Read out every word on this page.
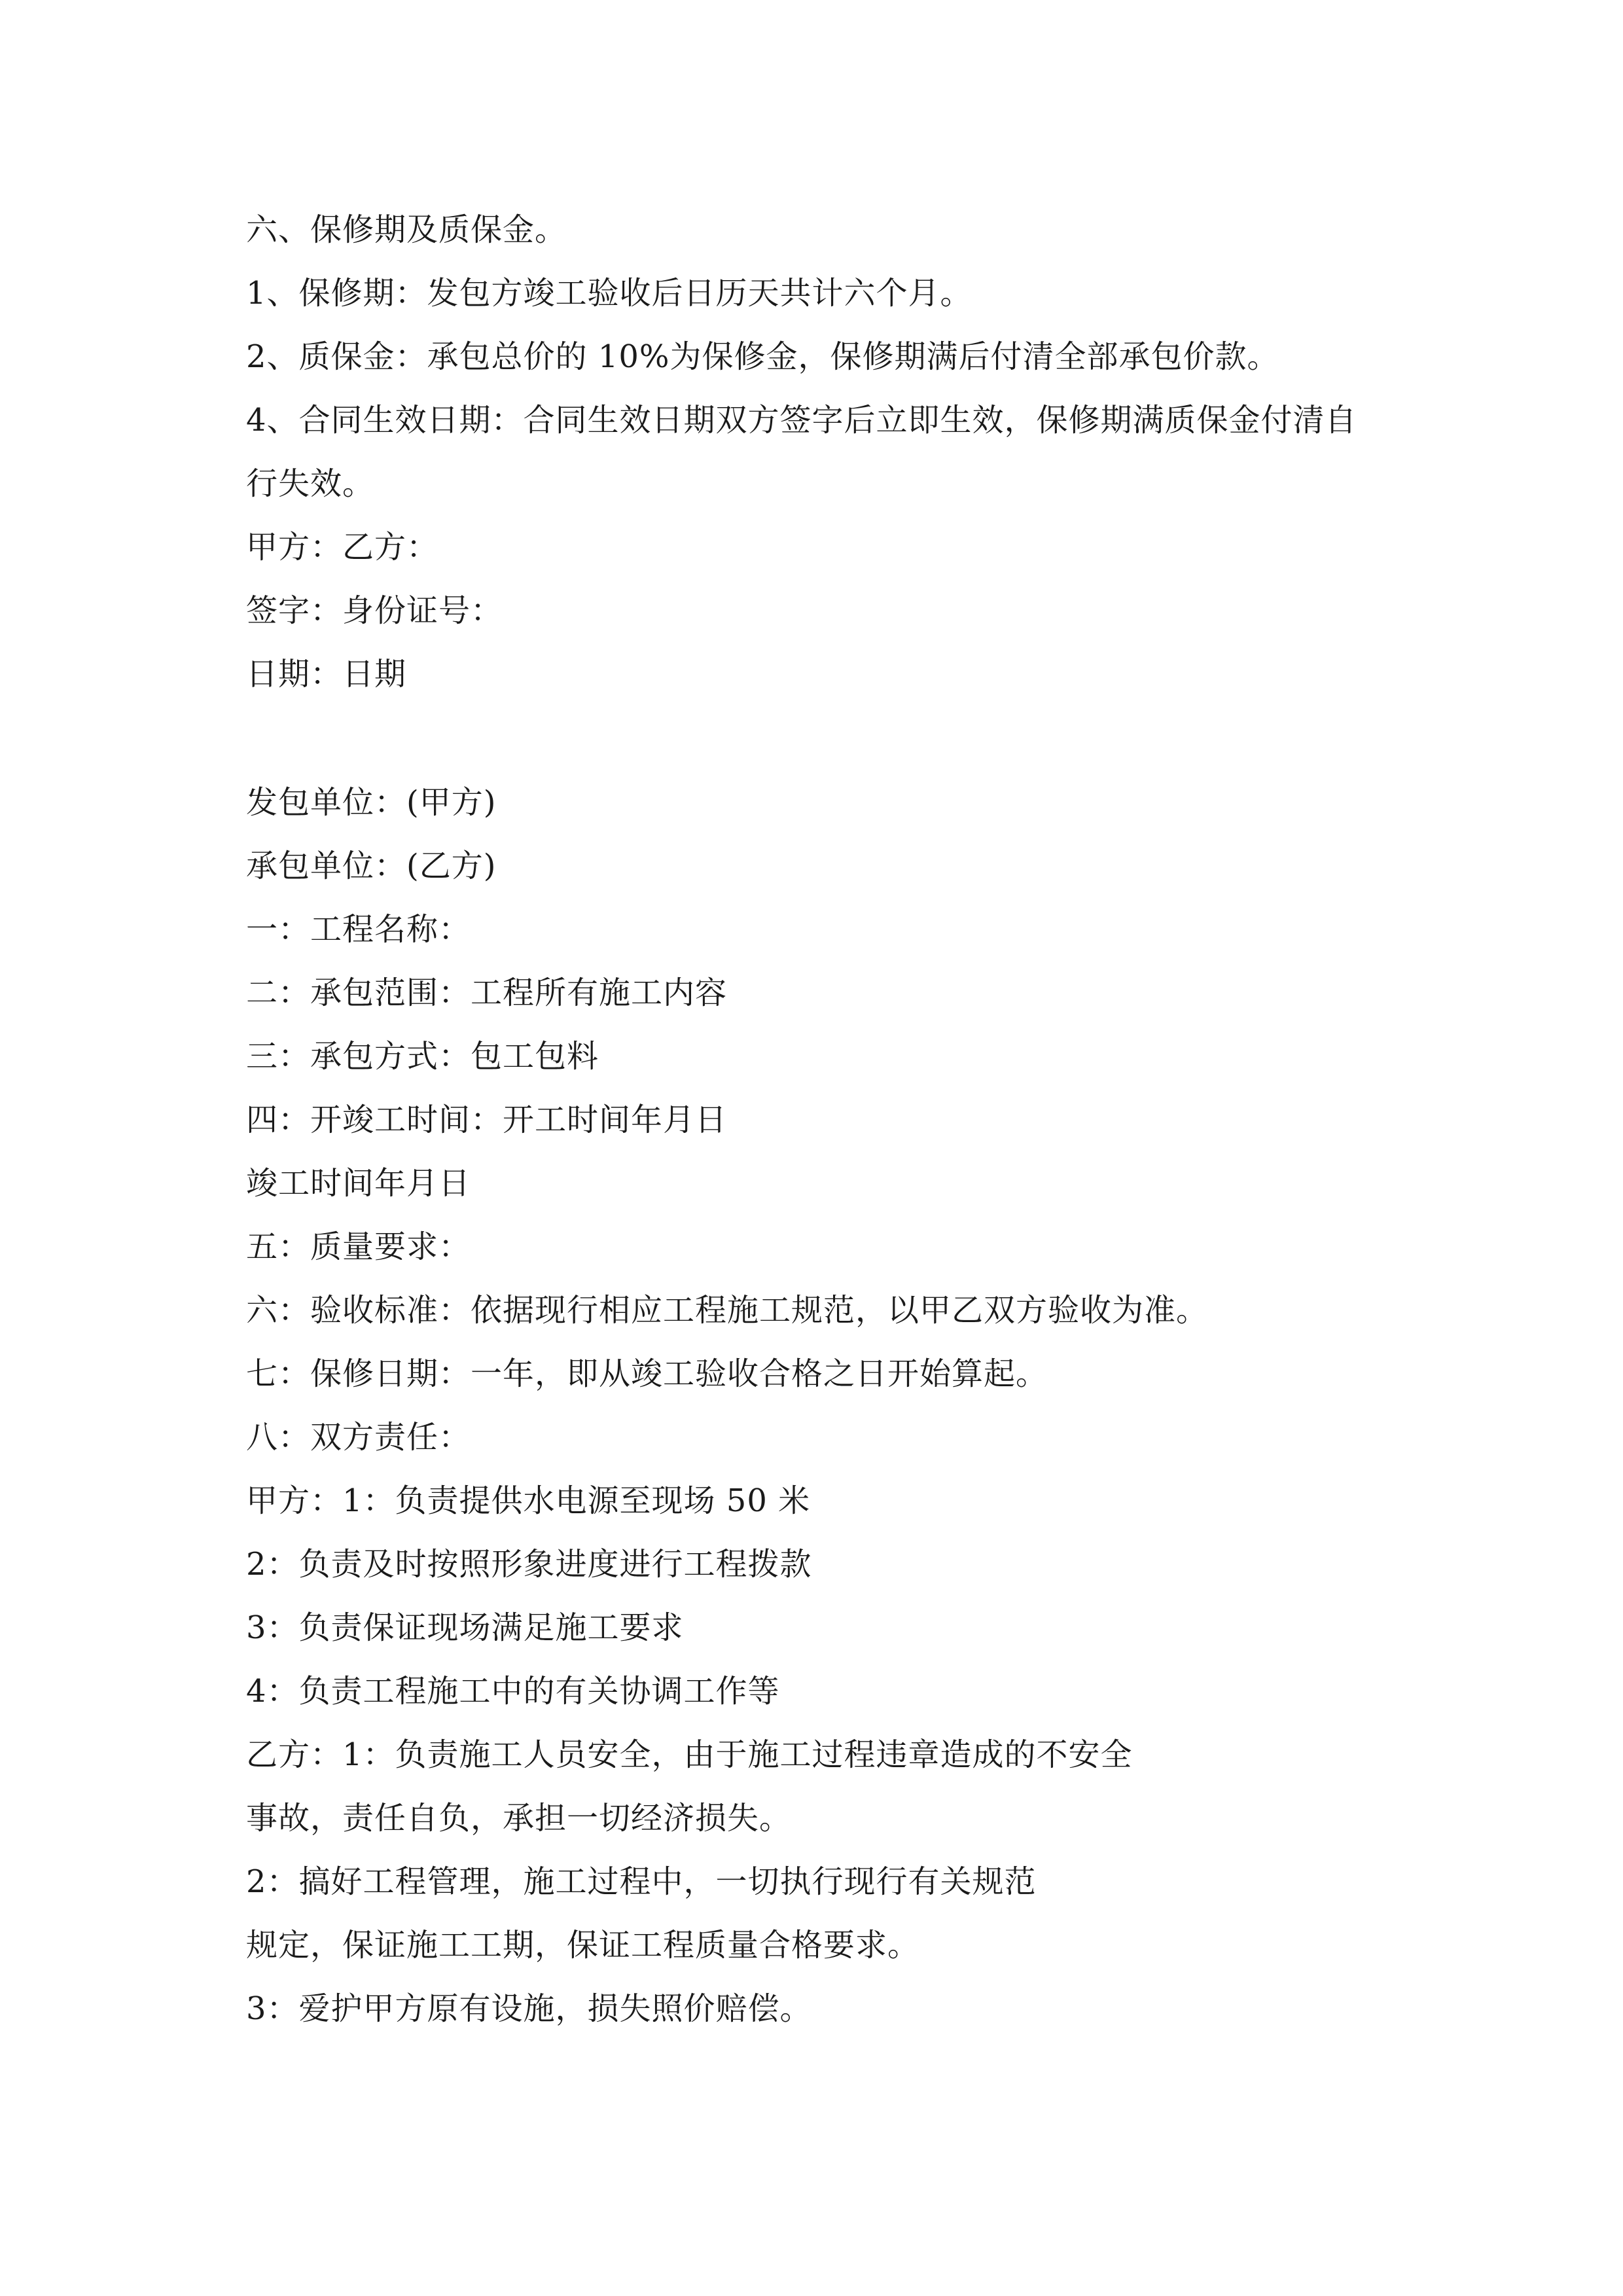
六、保修期及质保金。

1、保修期：发包方竣工验收后日历天共计六个月。

2、质保金：承包总价的 10%为保修金，保修期满后付清全部承包价款。

4、合同生效日期：合同生效日期双方签字后立即生效，保修期满质保金付清自

行失效。

甲方：乙方：

签字：身份证号：

日期：日期

发包单位：(甲方)

承包单位：(乙方)

一：工程名称：

二：承包范围：工程所有施工内容

三：承包方式：包工包料

四：开竣工时间：开工时间年月日

竣工时间年月日

五：质量要求：

六：验收标准：依据现行相应工程施工规范，以甲乙双方验收为准。

七：保修日期：一年，即从竣工验收合格之日开始算起。

八：双方责任：

甲方：1：负责提供水电源至现场 50 米

2：负责及时按照形象进度进行工程拨款

3：负责保证现场满足施工要求

4：负责工程施工中的有关协调工作等

乙方：1：负责施工人员安全，由于施工过程违章造成的不安全

事故，责任自负，承担一切经济损失。

2：搞好工程管理，施工过程中，一切执行现行有关规范

规定，保证施工工期，保证工程质量合格要求。

3：爱护甲方原有设施，损失照价赔偿。
